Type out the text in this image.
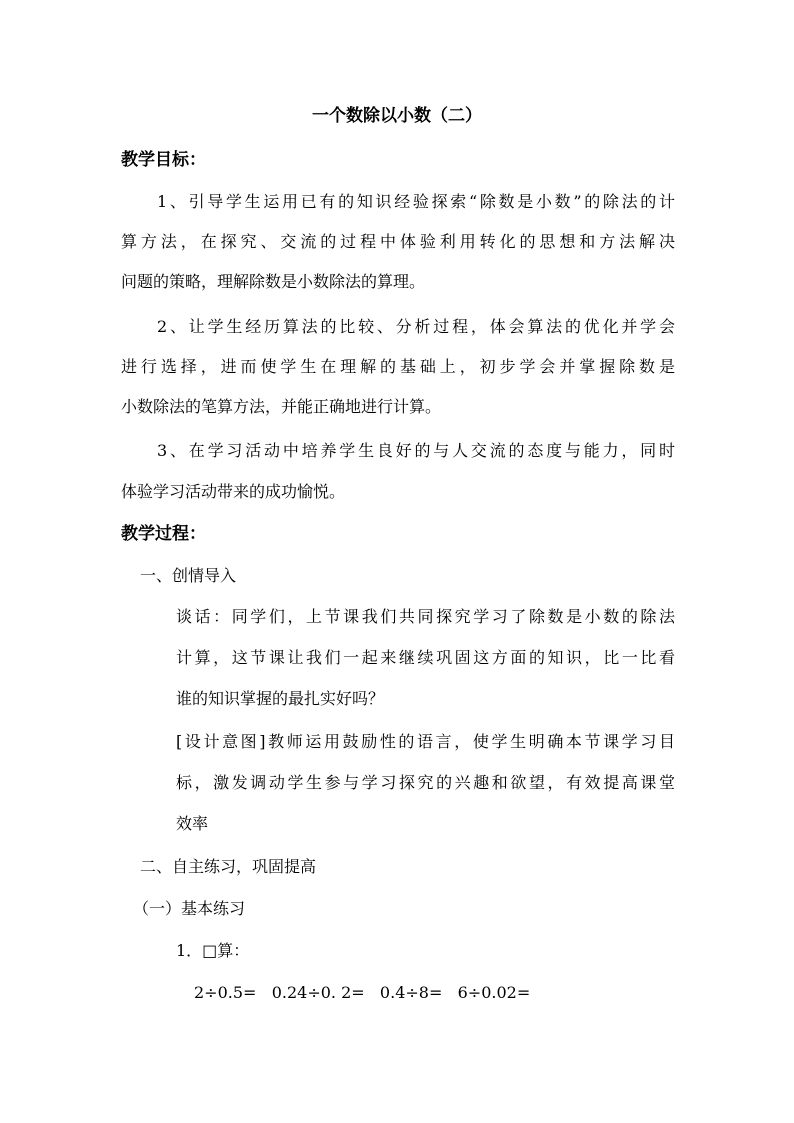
一个数除以小数（二）
教学目标：
1、引导学生运用已有的知识经验探索“除数是小数”的除法的计
算方法，在探究、交流的过程中体验利用转化的思想和方法解决
问题的策略，理解除数是小数除法的算理。
2、让学生经历算法的比较、分析过程，体会算法的优化并学会
进行选择，进而使学生在理解的基础上，初步学会并掌握除数是
小数除法的笔算方法，并能正确地进行计算。
3、在学习活动中培养学生良好的与人交流的态度与能力，同时
体验学习活动带来的成功愉悦。
教学过程：
一、创情导入
谈话：同学们，上节课我们共同探究学习了除数是小数的除法
计算，这节课让我们一起来继续巩固这方面的知识，比一比看
谁的知识掌握的最扎实好吗？
[设计意图]教师运用鼓励性的语言，使学生明确本节课学习目
标，激发调动学生参与学习探究的兴趣和欲望，有效提高课堂
效率
二、自主练习，巩固提高
（一）基本练习
1．□算：
2÷0.5=   0.24÷0. 2=   0.4÷8=   6÷0.02=
